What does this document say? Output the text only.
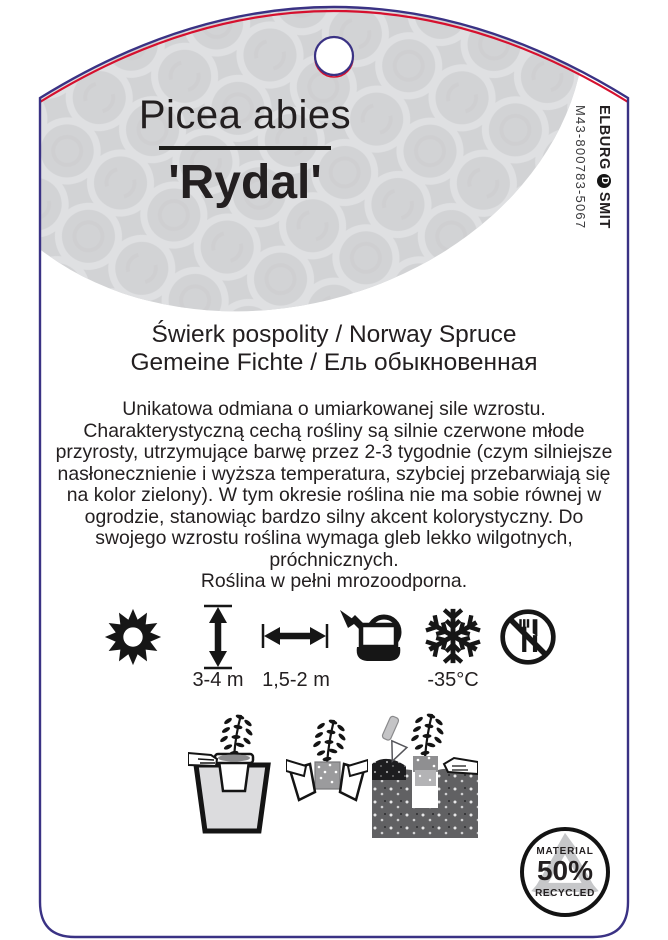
Picea abies
'Rydal'
ELBURG
D
SMIT
M43-800783-5067
Świerk pospolity / Norway Spruce
Gemeine Fichte / Ель обыкновенная
Unikatowa odmiana o umiarkowanej sile wzrostu. Charakterystyczną cechą rośliny są silnie czerwone młode przyrosty, utrzymujące barwę przez 2-3 tygodnie (czym silniejsze nasłonecznienie i wyższa temperatura, szybciej przebarwiają się na kolor zielony). W tym okresie roślina nie ma sobie równej w ogrodzie, stanowiąc bardzo silny akcent kolorystyczny. Do swojego wzrostu roślina wymaga gleb lekko wilgotnych, próchnicznych.
Roślina w pełni mrozoodporna.
3-4 m 1,5-2 m	-35°C
MATERIAL
50%
RECYCLED
